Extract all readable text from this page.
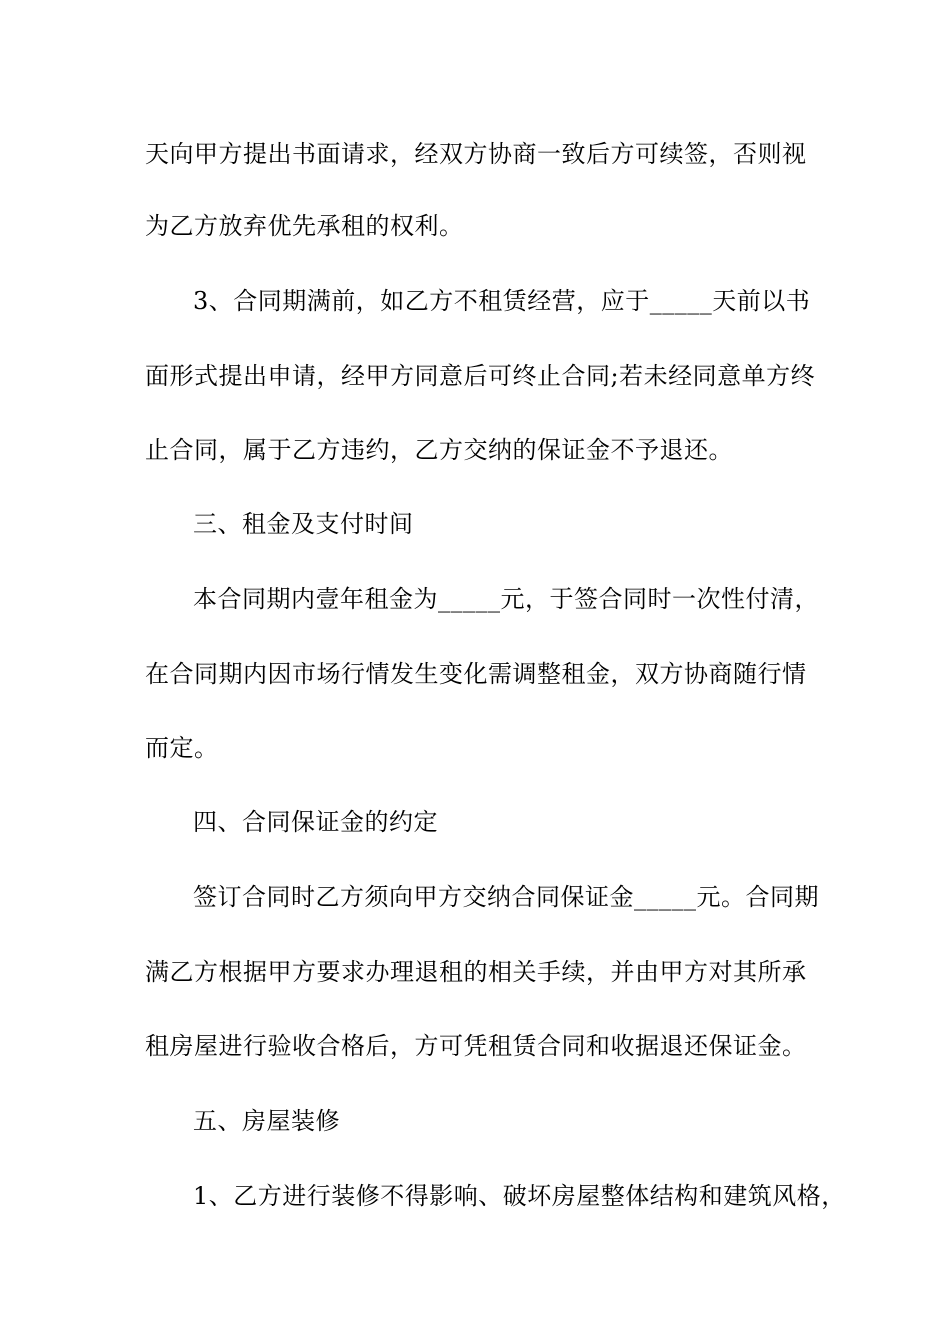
天向甲方提出书面请求，经双方协商一致后方可续签，否则视
为乙方放弃优先承租的权利。
3、合同期满前，如乙方不租赁经营，应于_____天前以书
面形式提出申请，经甲方同意后可终止合同;若未经同意单方终
止合同，属于乙方违约，乙方交纳的保证金不予退还。
三、租金及支付时间
本合同期内壹年租金为_____元，于签合同时一次性付清，
在合同期内因市场行情发生变化需调整租金，双方协商随行情
而定。
四、合同保证金的约定
签订合同时乙方须向甲方交纳合同保证金_____元。合同期
满乙方根据甲方要求办理退租的相关手续，并由甲方对其所承
租房屋进行验收合格后，方可凭租赁合同和收据退还保证金。
五、房屋装修
1、乙方进行装修不得影响、破坏房屋整体结构和建筑风格，
